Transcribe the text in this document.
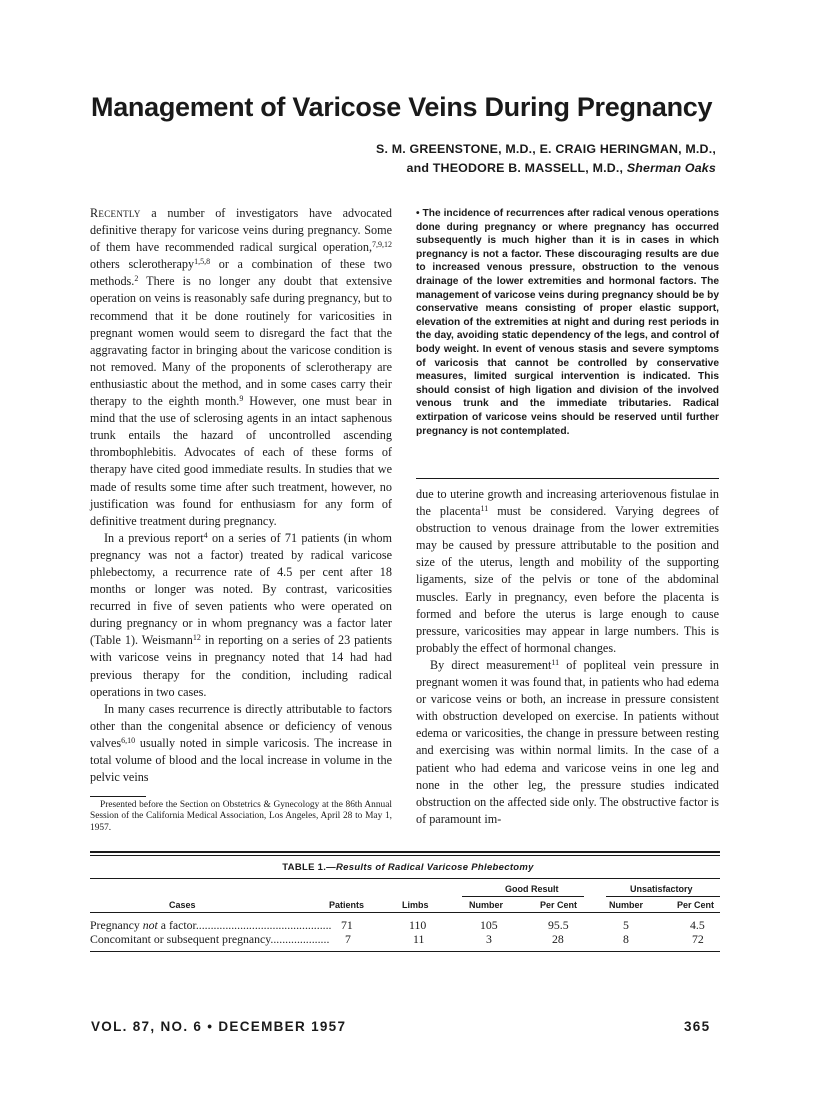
Management of Varicose Veins During Pregnancy
S. M. GREENSTONE, M.D., E. CRAIG HERINGMAN, M.D.,
and THEODORE B. MASSELL, M.D., Sherman Oaks

Recently a number of investigators have advocated definitive therapy for varicose veins during pregnancy. Some of them have recommended radical surgical operation,$^{7,9,12}$ others sclerotherapy$^{1,5,8}$ or a combination of these two methods.$^2$ There is no longer any doubt that extensive operation on veins is reasonably safe during pregnancy, but to recommend that it be done routinely for varicosities in pregnant women would seem to disregard the fact that the aggravating factor in bringing about the varicose condition is not removed. Many of the proponents of sclerotherapy are enthusiastic about the method, and in some cases carry their therapy to the eighth month.$^9$ However, one must bear in mind that the use of sclerosing agents in an intact saphenous trunk entails the hazard of uncontrolled ascending thrombophlebitis. Advocates of each of these forms of therapy have cited good immediate results. In studies that we made of results some time after such treatment, however, no justification was found for enthusiasm for any form of definitive treatment during pregnancy.

In a previous report$^4$ on a series of 71 patients (in whom pregnancy was not a factor) treated by radical varicose phlebectomy, a recurrence rate of 4.5 per cent after 18 months or longer was noted. By contrast, varicosities recurred in five of seven patients who were operated on during pregnancy or in whom pregnancy was a factor later (Table 1). Weismann$^{12}$ in reporting on a series of 23 patients with varicose veins in pregnancy noted that 14 had had previous therapy for the condition, including radical operations in two cases.

In many cases recurrence is directly attributable to factors other than the congenital absence or deficiency of venous valves$^{6,10}$ usually noted in simple varicosis. The increase in total volume of blood and the local increase in volume in the pelvic veins

• The incidence of recurrences after radical venous operations done during pregnancy or where pregnancy has occurred subsequently is much higher than it is in cases in which pregnancy is not a factor. These discouraging results are due to increased venous pressure, obstruction to the venous drainage of the lower extremities and hormonal factors. The management of varicose veins during pregnancy should be by conservative means consisting of proper elastic support, elevation of the extremities at night and during rest periods in the day, avoiding static dependency of the legs, and control of body weight. In event of venous stasis and severe symptoms of varicosis that cannot be controlled by conservative measures, limited surgical intervention is indicated. This should consist of high ligation and division of the involved venous trunk and the immediate tributaries. Radical extirpation of varicose veins should be reserved until further pregnancy is not contemplated.

due to uterine growth and increasing arteriovenous fistulae in the placenta$^{11}$ must be considered. Varying degrees of obstruction to venous drainage from the lower extremities may be caused by pressure attributable to the position and size of the uterus, length and mobility of the supporting ligaments, size of the pelvis or tone of the abdominal muscles. Early in pregnancy, even before the placenta is formed and before the uterus is large enough to cause pressure, varicosities may appear in large numbers. This is probably the effect of hormonal changes.

By direct measurement$^{11}$ of popliteal vein pressure in pregnant women it was found that, in patients who had edema or varicose veins or both, an increase in pressure consistent with obstruction developed on exercise. In patients without edema or varicosities, the change in pressure between resting and exercising was within normal limits. In the case of a patient who had edema and varicose veins in one leg and none in the other leg, the pressure studies indicated obstruction on the affected side only. The obstructive factor is of paramount im-

Presented before the Section on Obstetrics & Gynecology at the 86th Annual Session of the California Medical Association, Los Angeles, April 28 to May 1, 1957.

TABLE 1.—Results of Radical Varicose Phlebectomy
Good Result	Unsatisfactory
Cases	Patients	Limbs	Number	Per Cent	Number	Per Cent
Pregnancy not a factor.............................................. 71	110	105	95.5	5	4.5
Concomitant or subsequent pregnancy.................... 7	11	3	28	8	72
VOL. 87, NO. 6 • DECEMBER 1957	365
